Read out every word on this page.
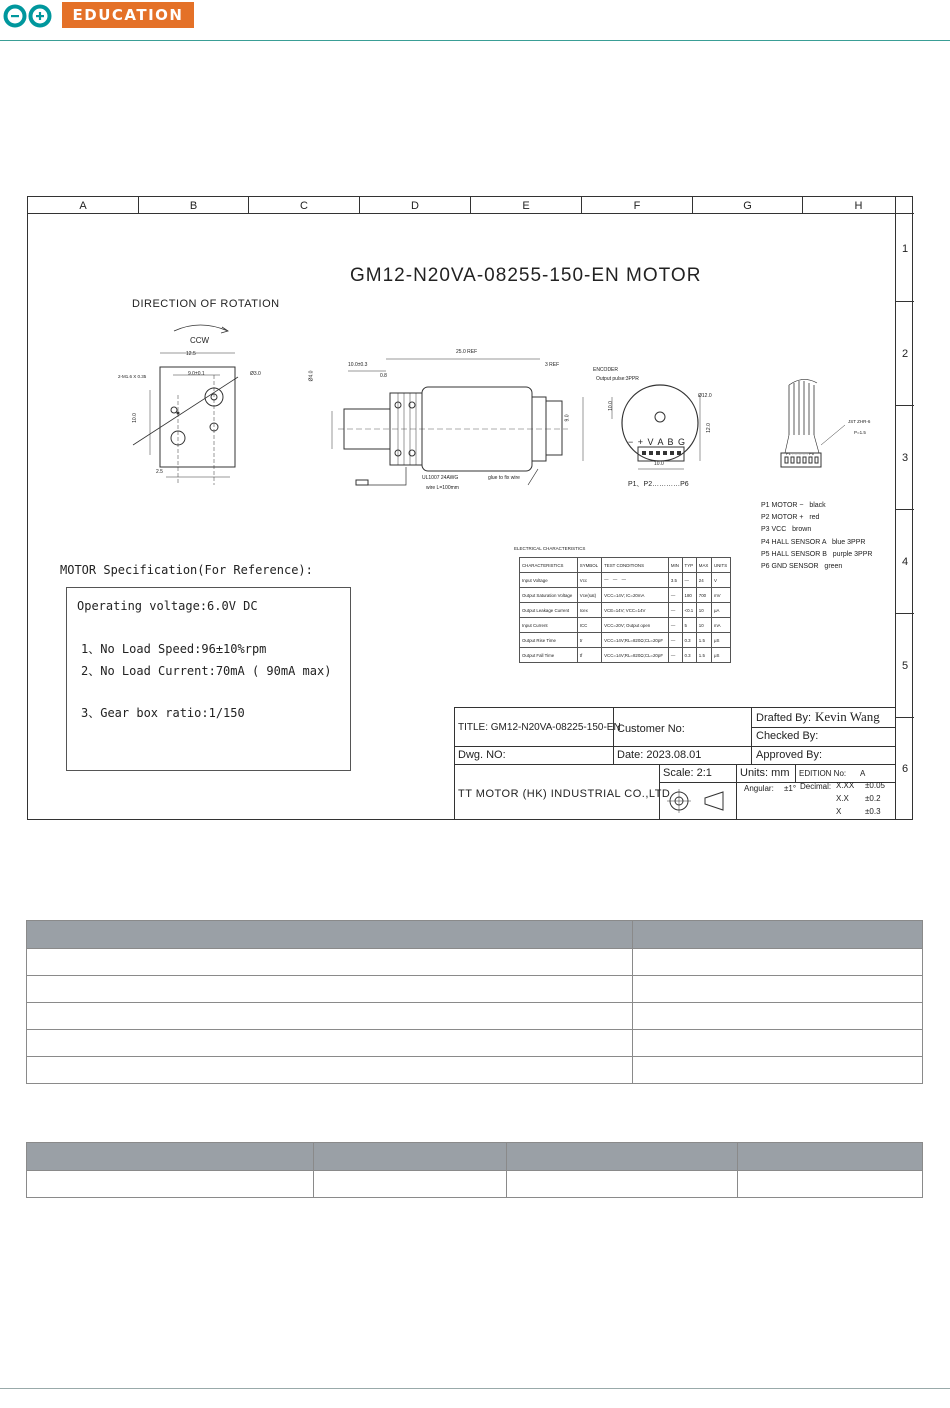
EDUCATION
A	B	C	D	E	F	G	H
1
2
3
4
5
6
GM12-N20VA-08255-150-EN MOTOR
DIRECTION OF ROTATION
CCW
12.5
9.0±0.1
2-M1.6 X 0.35	Ø3.0
10.0
2.5
10.0±0.3
25.0 REF
0.8
3 REF
Ø4.0
9.0
UL1007 24AWG
wire L=100mm
glue to fix wire
ENCODER
Output pulse:3PPR
Ø12.0
12.0
10.0
10.0
− + V A B G
P1、P2…………P6
JST ZHR-6
P=1.5
P1 ………… P6
P1 MOTOR − black
P2 MOTOR + red
P3 VCC brown
P4 HALL SENSOR A blue 3PPR
P5 HALL SENSOR B purple 3PPR
P6 GND SENSOR green
ELECTRICAL CHARACTERISTICS
CHARACTERISTICS	SYMBOL	TEST CONDITIONS	MIN	TYP	MAX	UNITS
Input Voltage	Vcc	—　—　—	3.5	—	24	V
Output Saturation Voltage	Vce(sat)	VCC=14V; IC=20mA	—	180	700	mV
Output Leakage Current	Icex	VCE=14V; VCC=14V	—	<0.1	10	μA
Input Current	ICC	VCC=20V; Output open	—	5	10	mA
Output Rise Time	tr	VCC=14V;RL=820Ω;CL=20pF	—	0.3	1.5	μS
Output Fall Time	tf	VCC=14V;RL=820Ω;CL=20pF	—	0.3	1.5	μS
MOTOR Specification(For Reference):
Operating voltage:6.0V DC
1、No Load Speed:96±10%rpm
2、No Load Current:70mA ( 90mA max)
3、Gear box ratio:1/150
TITLE: GM12-N20VA-08225-150-EN
Customer No:
Drafted By: Kevin Wang
Checked By:
Dwg. NO:	Date: 2023.08.01	Approved By:
TT MOTOR (HK) INDUSTRIAL CO.,LTD
Scale: 2:1	Units: mm EDITION No: A
Angular: ±1° Decimal: X.XX ±0.05
X.X ±0.2
X	±0.3
